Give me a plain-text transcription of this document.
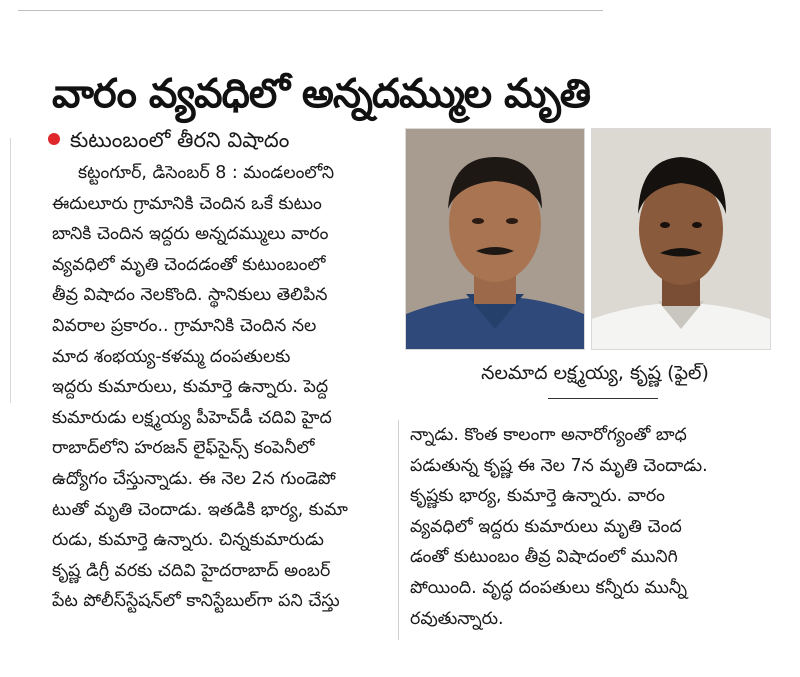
వారం వ్యవధిలో అన్నదమ్ముల మృతి
కుటుంబంలో తీరని విషాదం
కట్టంగూర్, డిసెంబర్ 8 : మండలంలోని
ఈదులూరు గ్రామానికి చెందిన ఒకే కుటుం
బానికి చెందిన ఇద్దరు అన్నదమ్ములు వారం
వ్యవధిలో మృతి చెందడంతో కుటుంబంలో
తీవ్ర విషాదం నెలకొంది. స్థానికులు తెలిపిన
వివరాల ప్రకారం.. గ్రామానికి చెందిన నల
మాద శంభయ్య-కళమ్మ దంపతులకు
ఇద్దరు కుమారులు, కుమార్తె ఉన్నారు. పెద్ద
కుమారుడు లక్ష్మయ్య పీహెచ్‌డీ చదివి హైద
రాబాద్‌లోని హరజన్ లైఫ్‌సైన్స్ కంపెనీలో
ఉద్యోగం చేస్తున్నాడు. ఈ నెల 2న గుండెపో
టుతో మృతి చెందాడు. ఇతడికి భార్య, కుమా
రుడు, కుమార్తె ఉన్నారు. చిన్నకుమారుడు
కృష్ణ డిగ్రీ వరకు చదివి హైదరాబాద్ అంబర్
పేట పోలీస్‌స్టేషన్‌లో కానిస్టేబుల్‌గా పని చేస్తు
నలమాద లక్ష్మయ్య, కృష్ణ (ఫైల్)
న్నాడు. కొంత కాలంగా అనారోగ్యంతో బాధ
పడుతున్న కృష్ణ ఈ నెల 7న మృతి చెందాడు.
కృష్ణకు భార్య, కుమార్తె ఉన్నారు. వారం
వ్యవధిలో ఇద్దరు కుమారులు మృతి చెంద
డంతో కుటుంబం తీవ్ర విషాదంలో మునిగి
పోయింది. వృద్ధ దంపతులు కన్నీరు మున్నీ
రవుతున్నారు.
